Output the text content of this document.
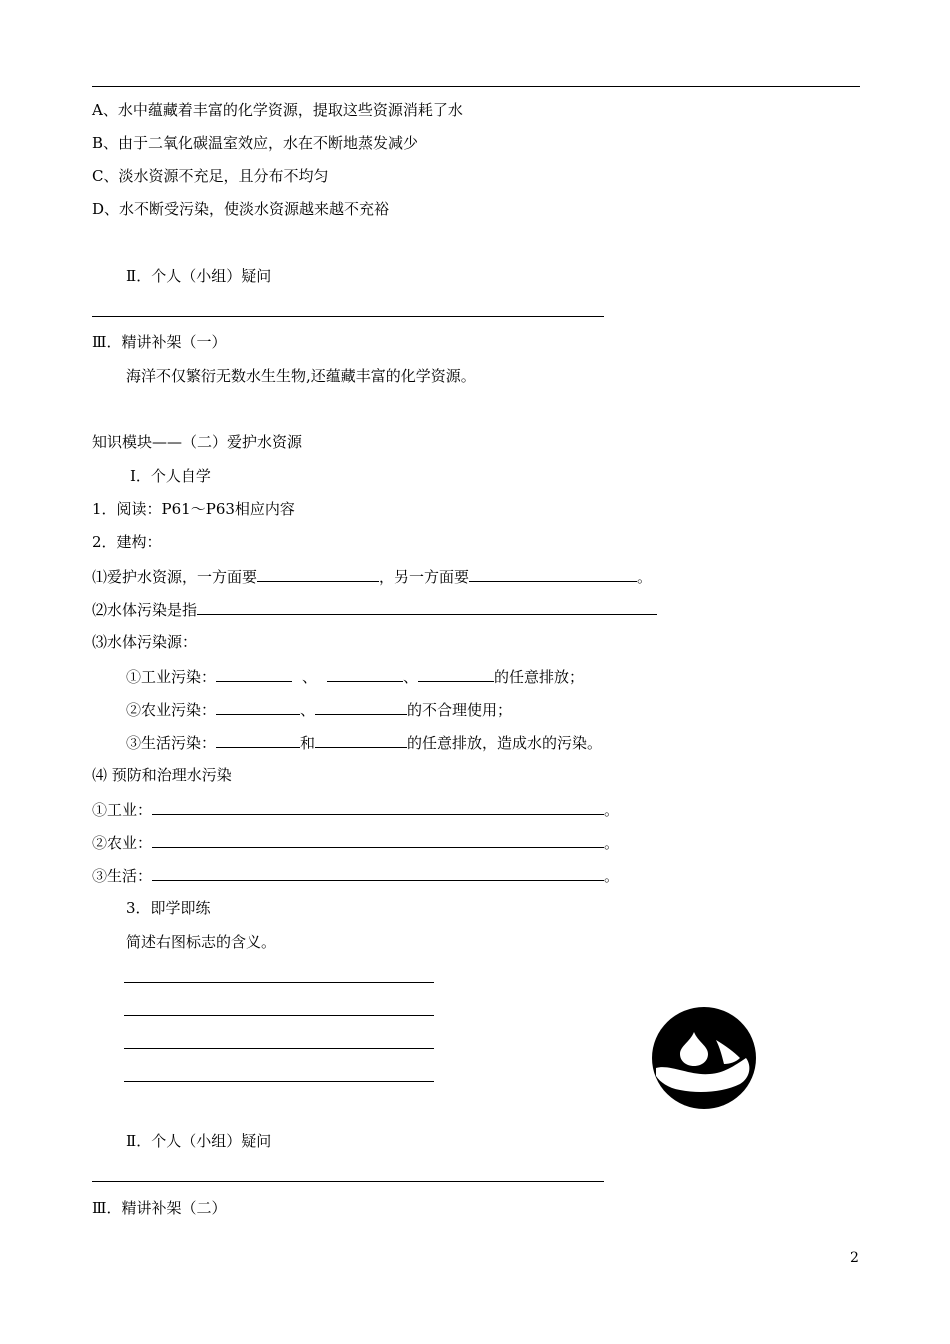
A、水中蕴藏着丰富的化学资源，提取这些资源消耗了水
B、由于二氧化碳温室效应，水在不断地蒸发减少
C、淡水资源不充足，且分布不均匀
D、水不断受污染，使淡水资源越来越不充裕
Ⅱ．个人（小组）疑问
Ⅲ．精讲补架（一）
海洋不仅繁衍无数水生生物,还蕴藏丰富的化学资源。
知识模块——（二）爱护水资源
Ⅰ．个人自学
1．阅读：P61～P63相应内容
2．建构：
⑴爱护水资源，一方面要	，另一方面要	。
⑵水体污染是指
⑶水体污染源：
①工业污染：	、	、	的任意排放；
②农业污染：	、	的不合理使用；
③生活污染：	和	的任意排放，造成水的污染。
⑷ 预防和治理水污染
①工业：	。
②农业：	。
③生活：	。
3．即学即练
简述右图标志的含义。
Ⅱ．个人（小组）疑问
Ⅲ．精讲补架（二）
2
